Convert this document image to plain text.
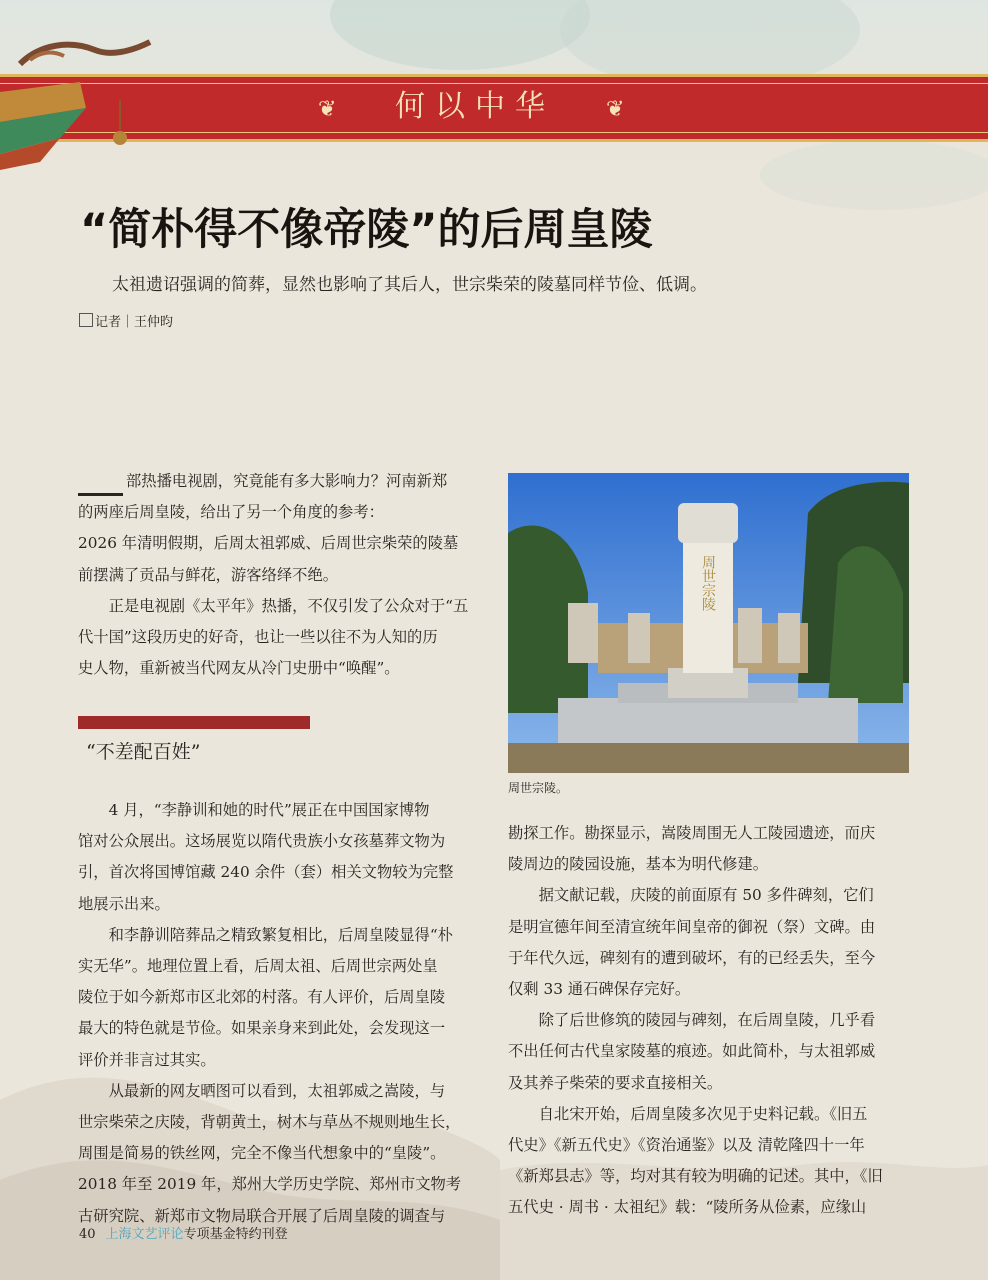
❦	何以中华	❦
“简朴得不像帝陵”的后周皇陵
太祖遗诏强调的简葬，显然也影响了其后人，世宗柴荣的陵墓同样节俭、低调。
记者｜王仲昀
部热播电视剧，究竟能有多大影响力？河南新郑
的两座后周皇陵，给出了另一个角度的参考：
2026 年清明假期，后周太祖郭威、后周世宗柴荣的陵墓
前摆满了贡品与鲜花，游客络绎不绝。
　　正是电视剧《太平年》热播，不仅引发了公众对于“五
代十国”这段历史的好奇，也让一些以往不为人知的历
史人物，重新被当代网友从冷门史册中“唤醒”。
“不差配百姓”
　　4 月，“李静训和她的时代”展正在中国国家博物
馆对公众展出。这场展览以隋代贵族小女孩墓葬文物为
引，首次将国博馆藏 240 余件（套）相关文物较为完整
地展示出来。
　　和李静训陪葬品之精致繁复相比，后周皇陵显得“朴
实无华”。地理位置上看，后周太祖、后周世宗两处皇
陵位于如今新郑市区北郊的村落。有人评价，后周皇陵
最大的特色就是节俭。如果亲身来到此处，会发现这一
评价并非言过其实。
　　从最新的网友晒图可以看到，太祖郭威之嵩陵，与
世宗柴荣之庆陵，背朝黄土，树木与草丛不规则地生长，
周围是简易的铁丝网，完全不像当代想象中的“皇陵”。
2018 年至 2019 年，郑州大学历史学院、郑州市文物考
古研究院、新郑市文物局联合开展了后周皇陵的调查与
周世宗陵
周世宗陵。
勘探工作。勘探显示，嵩陵周围无人工陵园遗迹，而庆
陵周边的陵园设施，基本为明代修建。
　　据文献记载，庆陵的前面原有 50 多件碑刻，它们
是明宣德年间至清宣统年间皇帝的御祝（祭）文碑。由
于年代久远，碑刻有的遭到破坏，有的已经丢失，至今
仅剩 33 通石碑保存完好。
　　除了后世修筑的陵园与碑刻，在后周皇陵，几乎看
不出任何古代皇家陵墓的痕迹。如此简朴，与太祖郭威
及其养子柴荣的要求直接相关。
　　自北宋开始，后周皇陵多次见于史料记载。《旧五
代史》《新五代史》《资治通鉴》以及 清乾隆四十一年
《新郑县志》等，均对其有较为明确的记述。其中，《旧
五代史 · 周书 · 太祖纪》载：“陵所务从俭素，应缘山
40 上海文艺评论专项基金特约刊登
